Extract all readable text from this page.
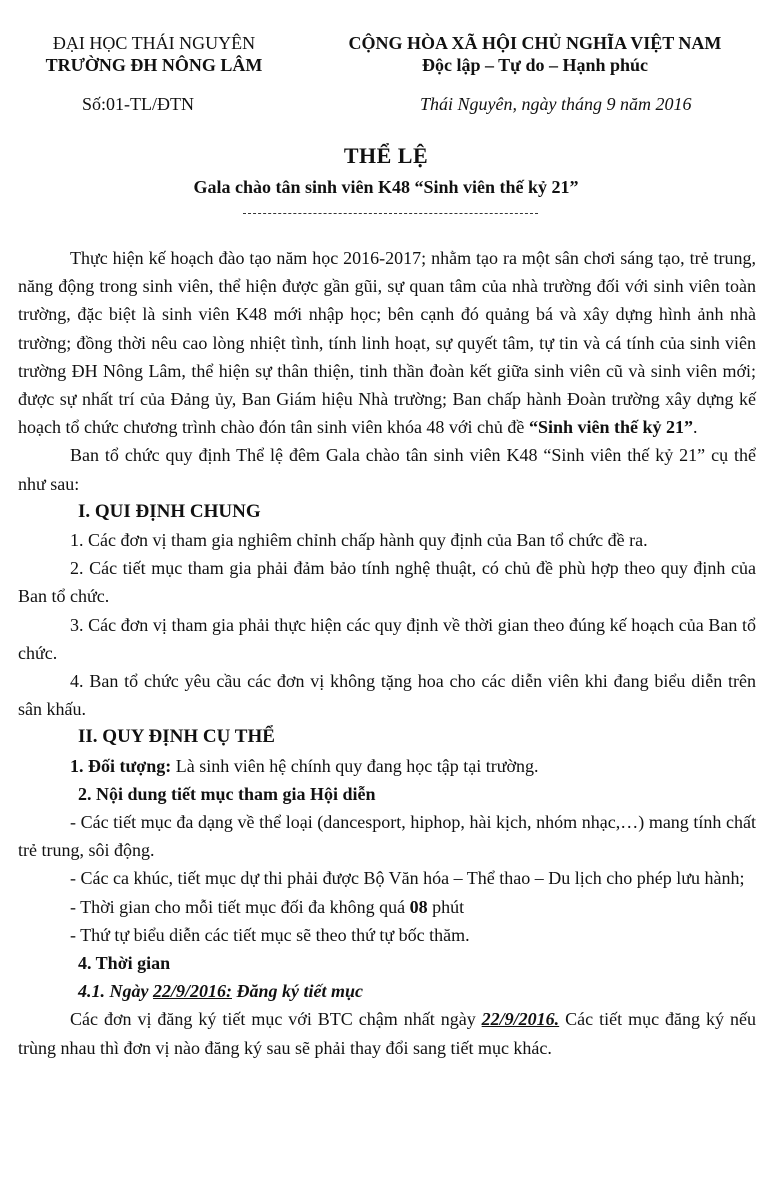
ĐẠI HỌC THÁI NGUYÊN
TRƯỜNG ĐH NÔNG LÂM
CỘNG HÒA XÃ HỘI CHỦ NGHĨA VIỆT NAM
Độc lập – Tự do – Hạnh phúc
Số:01-TL/ĐTN	Thái Nguyên, ngày tháng 9 năm 2016
THỂ LỆ
Gala chào tân sinh viên K48 “Sinh viên thế kỷ 21”

Thực hiện kế hoạch đào tạo năm học 2016-2017; nhằm tạo ra một sân chơi sáng tạo, trẻ trung, năng động trong sinh viên, thể hiện được gần gũi, sự quan tâm của nhà trường đối với sinh viên toàn trường, đặc biệt là sinh viên K48 mới nhập học; bên cạnh đó quảng bá và xây dựng hình ảnh nhà trường; đồng thời nêu cao lòng nhiệt tình, tính linh hoạt, sự quyết tâm, tự tin và cá tính của sinh viên trường ĐH Nông Lâm, thể hiện sự thân thiện, tinh thần đoàn kết giữa sinh viên cũ và sinh viên mới; được sự nhất trí của Đảng ủy, Ban Giám hiệu Nhà trường; Ban chấp hành Đoàn trường xây dựng kế hoạch tổ chức chương trình chào đón tân sinh viên khóa 48 với chủ đề “Sinh viên thế kỷ 21”.

Ban tổ chức quy định Thể lệ đêm Gala chào tân sinh viên K48 “Sinh viên thế kỷ 21” cụ thể như sau:

I. QUI ĐỊNH CHUNG

1. Các đơn vị tham gia nghiêm chỉnh chấp hành quy định của Ban tổ chức đề ra.

2. Các tiết mục tham gia phải đảm bảo tính nghệ thuật, có chủ đề phù hợp theo quy định của Ban tổ chức.

3. Các đơn vị tham gia phải thực hiện các quy định về thời gian theo đúng kế hoạch của Ban tổ chức.

4. Ban tổ chức yêu cầu các đơn vị không tặng hoa cho các diễn viên khi đang biểu diễn trên sân khấu.

II. QUY ĐỊNH CỤ THỂ

1. Đối tượng: Là sinh viên hệ chính quy đang học tập tại trường.

2. Nội dung tiết mục tham gia Hội diễn

- Các tiết mục đa dạng về thể loại (dancesport, hiphop, hài kịch, nhóm nhạc,…) mang tính chất trẻ trung, sôi động.

- Các ca khúc, tiết mục dự thi phải được Bộ Văn hóa – Thể thao – Du lịch cho phép lưu hành;

- Thời gian cho mỗi tiết mục đối đa không quá 08 phút

- Thứ tự biểu diễn các tiết mục sẽ theo thứ tự bốc thăm.

4. Thời gian

4.1. Ngày 22/9/2016: Đăng ký tiết mục

Các đơn vị đăng ký tiết mục với BTC chậm nhất ngày 22/9/2016. Các tiết mục đăng ký nếu trùng nhau thì đơn vị nào đăng ký sau sẽ phải thay đổi sang tiết mục khác.
